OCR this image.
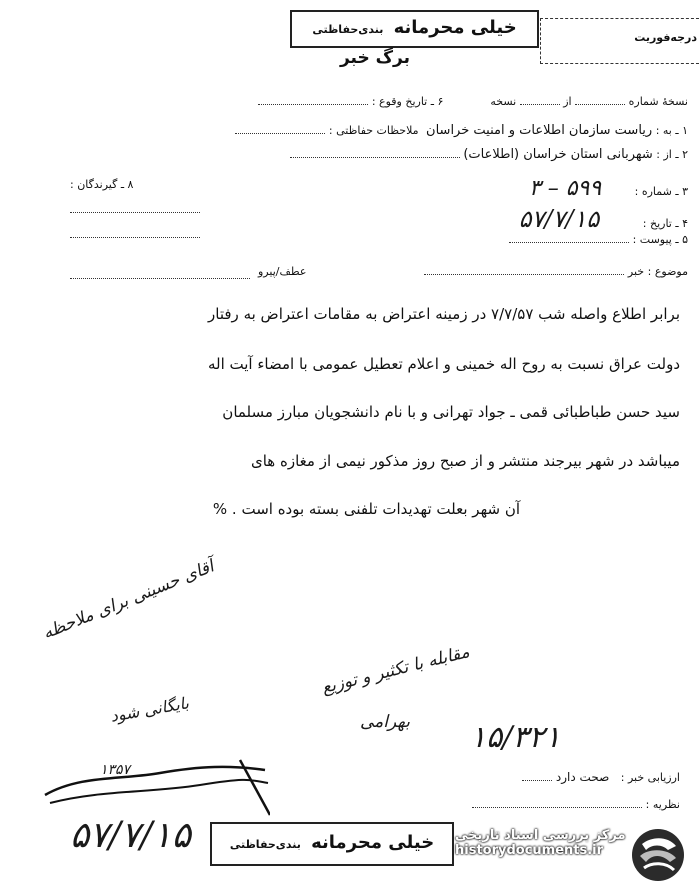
درجه‌فوریت
خیلی محرمانه بندی‌حفاظتی
برگ خبر
نسخهٔ شماره  از  نسخه  ۶ ـ تاریخ وقوع :
۱ ـ به : ریاست سازمان اطلاعات و امنیت خراسان ملاحظات حفاظتی :
۲ ـ از : شهربانی استان خراسان (اطلاعات)
۳ ـ شماره : ۵۹۹ – ۳
۸ ـ گیرندگان :
۴ ـ تاریخ : ۵۷/۷/۱۵
۵ ـ پیوست :
موضوع : خبر
عطف/پیرو
برابر اطلاع واصله شب ۷/۷/۵۷ در زمینه اعتراض به مقامات اعتراض به رفتار
دولت عراق نسبت به روح اله خمینی و اعلام تعطیل عمومی با امضاء آیت اله
سید حسن طباطبائی قمی ـ جواد تهرانی و با نام دانشجویان مبارز مسلمان
میباشد در شهر بیرجند منتشر و از صبح روز مذکور نیمی از مغازه های
آن شهر بعلت تهدیدات تلفنی بسته بوده است . %
آقای حسینی برای ملاحظه
بایگانی شود
مقابله با تکثیر و توزیع
بهرامی ۱۵/۳۲۱
۱۳۵۷	ارزیابی خبر : صحت دارد
نظریه :
۵۷/۷/۱۵	خیلی محرمانه بندی‌حفاظتی
مرکز بررسی اسناد تاریخی
historydocuments.ir
